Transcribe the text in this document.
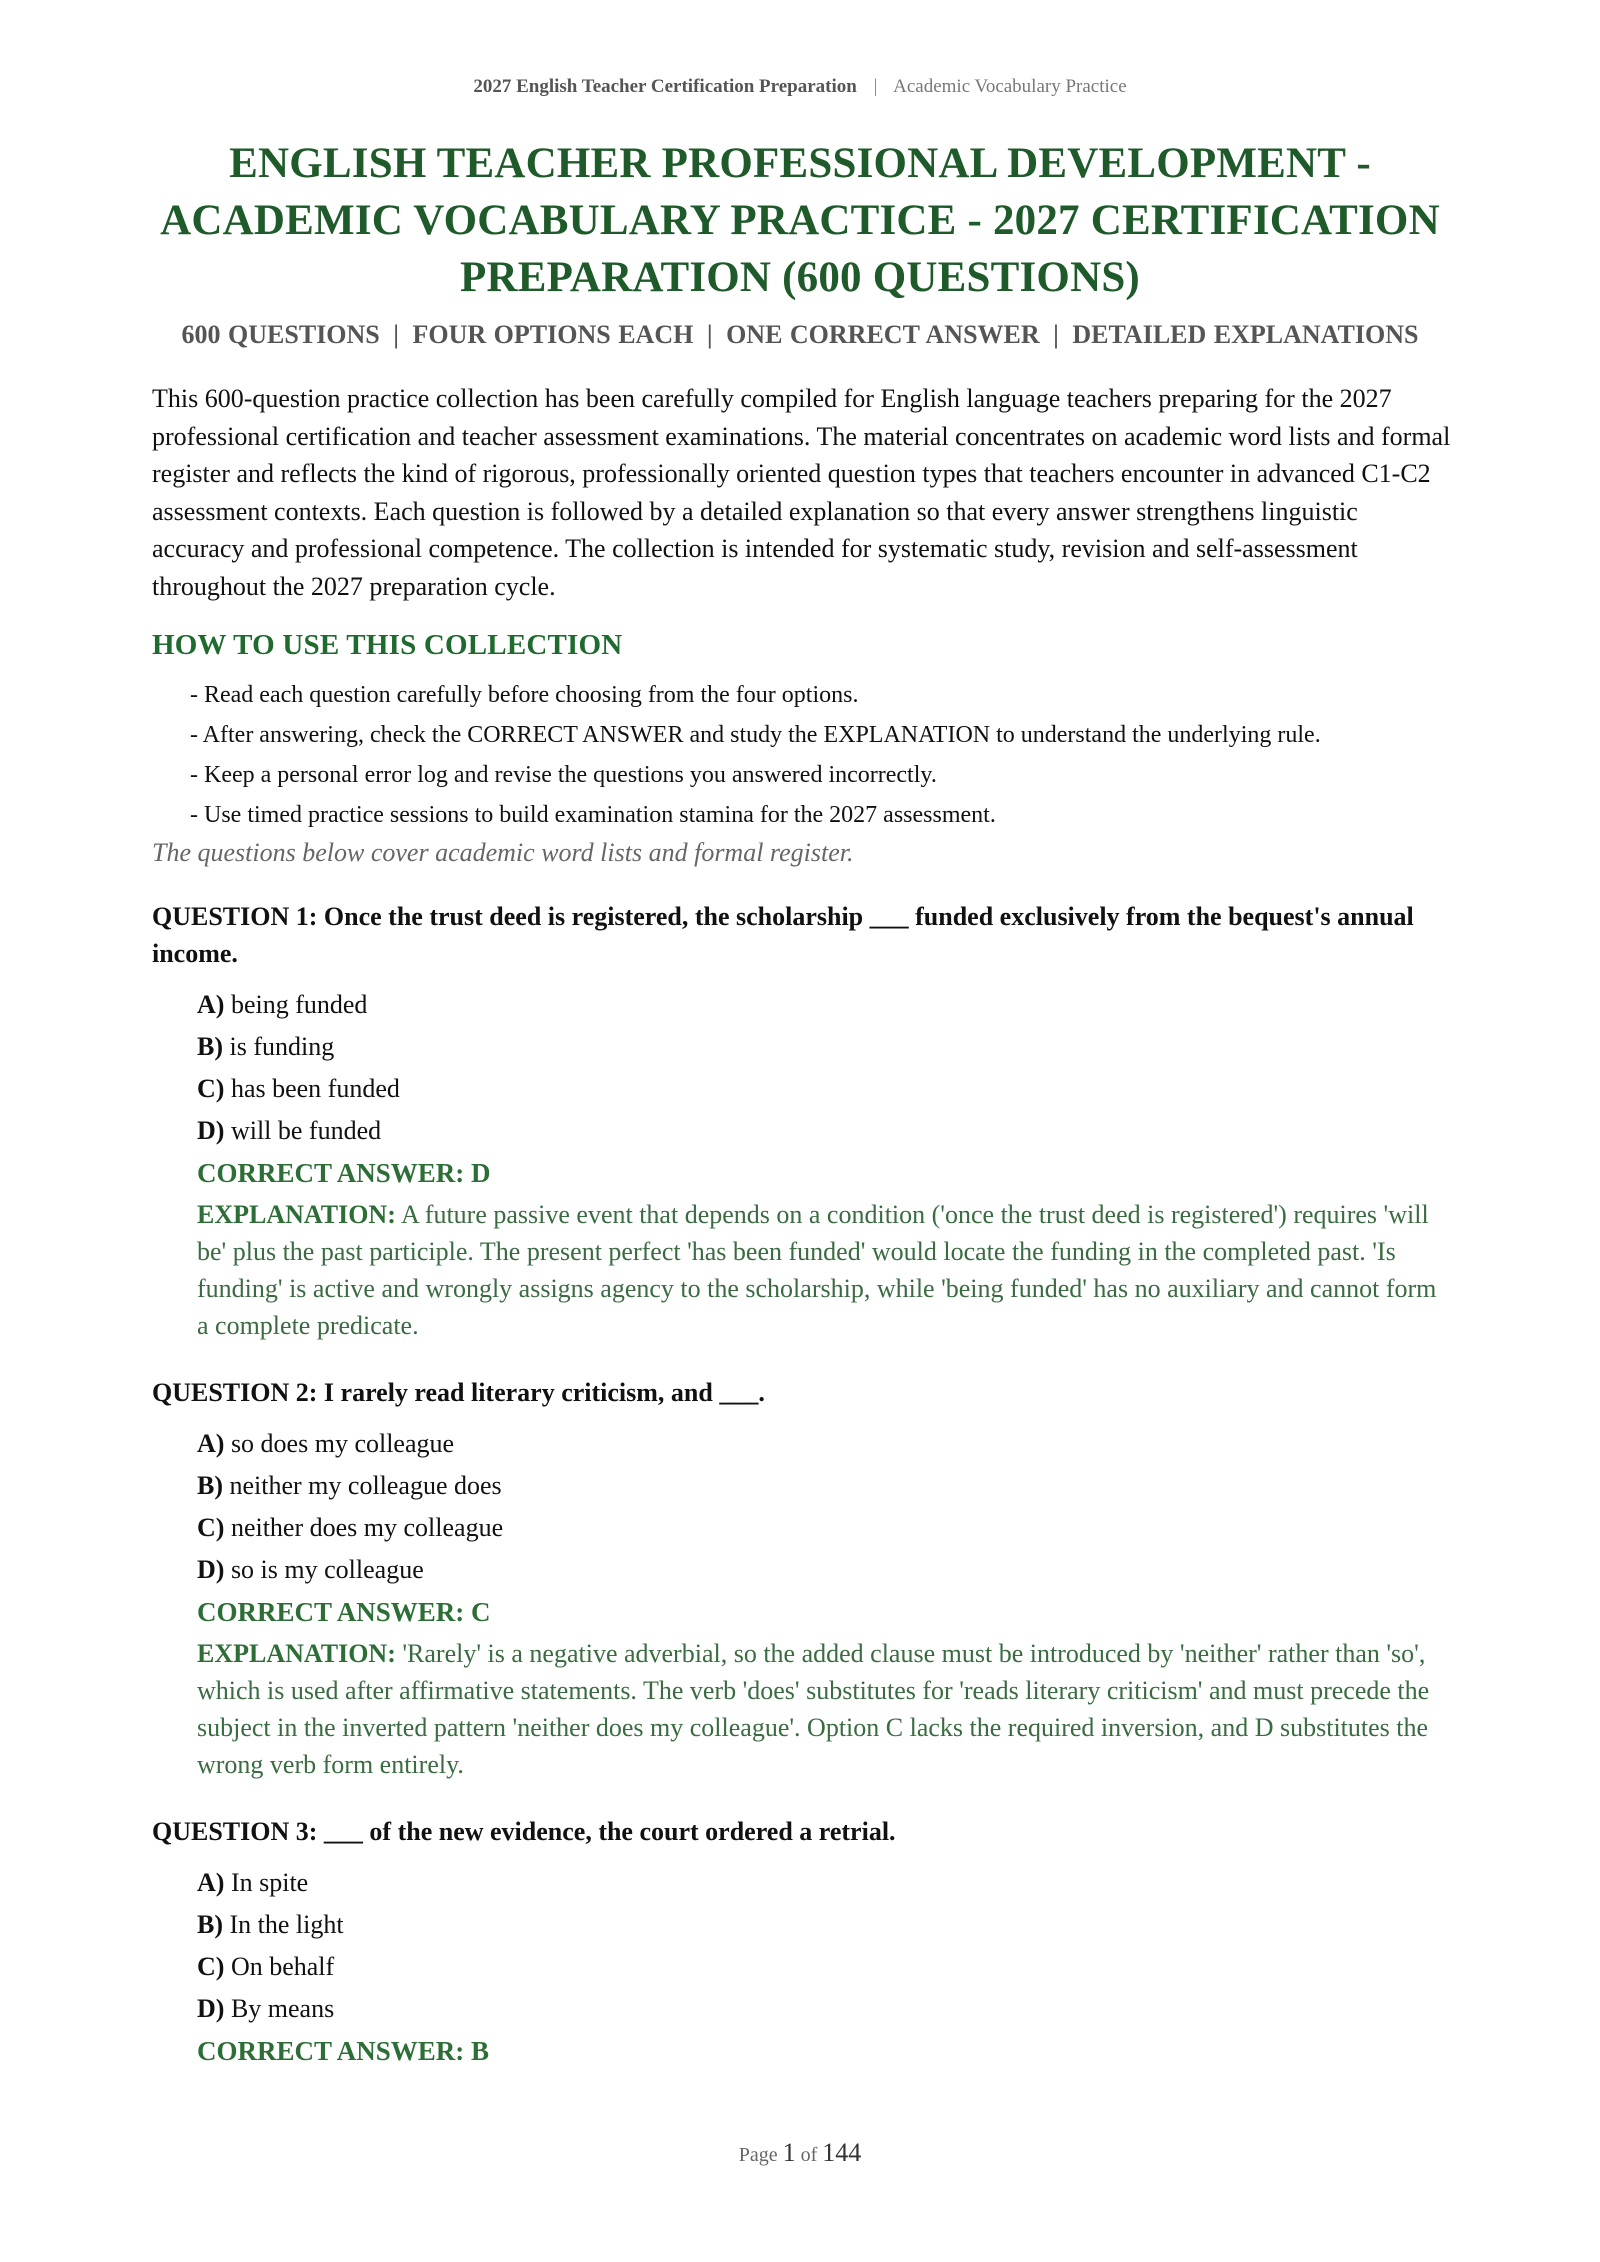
2027 English Teacher Certification Preparation | Academic Vocabulary Practice
ENGLISH TEACHER PROFESSIONAL DEVELOPMENT - ACADEMIC VOCABULARY PRACTICE - 2027 CERTIFICATION PREPARATION (600 QUESTIONS)
600 QUESTIONS | FOUR OPTIONS EACH | ONE CORRECT ANSWER | DETAILED EXPLANATIONS

This 600-question practice collection has been carefully compiled for English language teachers preparing for the 2027 professional certification and teacher assessment examinations. The material concentrates on academic word lists and formal register and reflects the kind of rigorous, professionally oriented question types that teachers encounter in advanced C1-C2 assessment contexts. Each question is followed by a detailed explanation so that every answer strengthens linguistic accuracy and professional competence. The collection is intended for systematic study, revision and self-assessment throughout the 2027 preparation cycle.

HOW TO USE THIS COLLECTION
- Read each question carefully before choosing from the four options.
- After answering, check the CORRECT ANSWER and study the EXPLANATION to understand the underlying rule.
- Keep a personal error log and revise the questions you answered incorrectly.
- Use timed practice sessions to build examination stamina for the 2027 assessment.
The questions below cover academic word lists and formal register.
QUESTION 1: Once the trust deed is registered, the scholarship ___ funded exclusively from the bequest's annual income.
A) being funded
B) is funding
C) has been funded
D) will be funded
CORRECT ANSWER: D
EXPLANATION: A future passive event that depends on a condition ('once the trust deed is registered') requires 'will be' plus the past participle. The present perfect 'has been funded' would locate the funding in the completed past. 'Is funding' is active and wrongly assigns agency to the scholarship, while 'being funded' has no auxiliary and cannot form a complete predicate.
QUESTION 2: I rarely read literary criticism, and ___.
A) so does my colleague
B) neither my colleague does
C) neither does my colleague
D) so is my colleague
CORRECT ANSWER: C
EXPLANATION: 'Rarely' is a negative adverbial, so the added clause must be introduced by 'neither' rather than 'so', which is used after affirmative statements. The verb 'does' substitutes for 'reads literary criticism' and must precede the subject in the inverted pattern 'neither does my colleague'. Option C lacks the required inversion, and D substitutes the wrong verb form entirely.
QUESTION 3: ___ of the new evidence, the court ordered a retrial.
A) In spite
B) In the light
C) On behalf
D) By means
CORRECT ANSWER: B
Page 1 of 144
